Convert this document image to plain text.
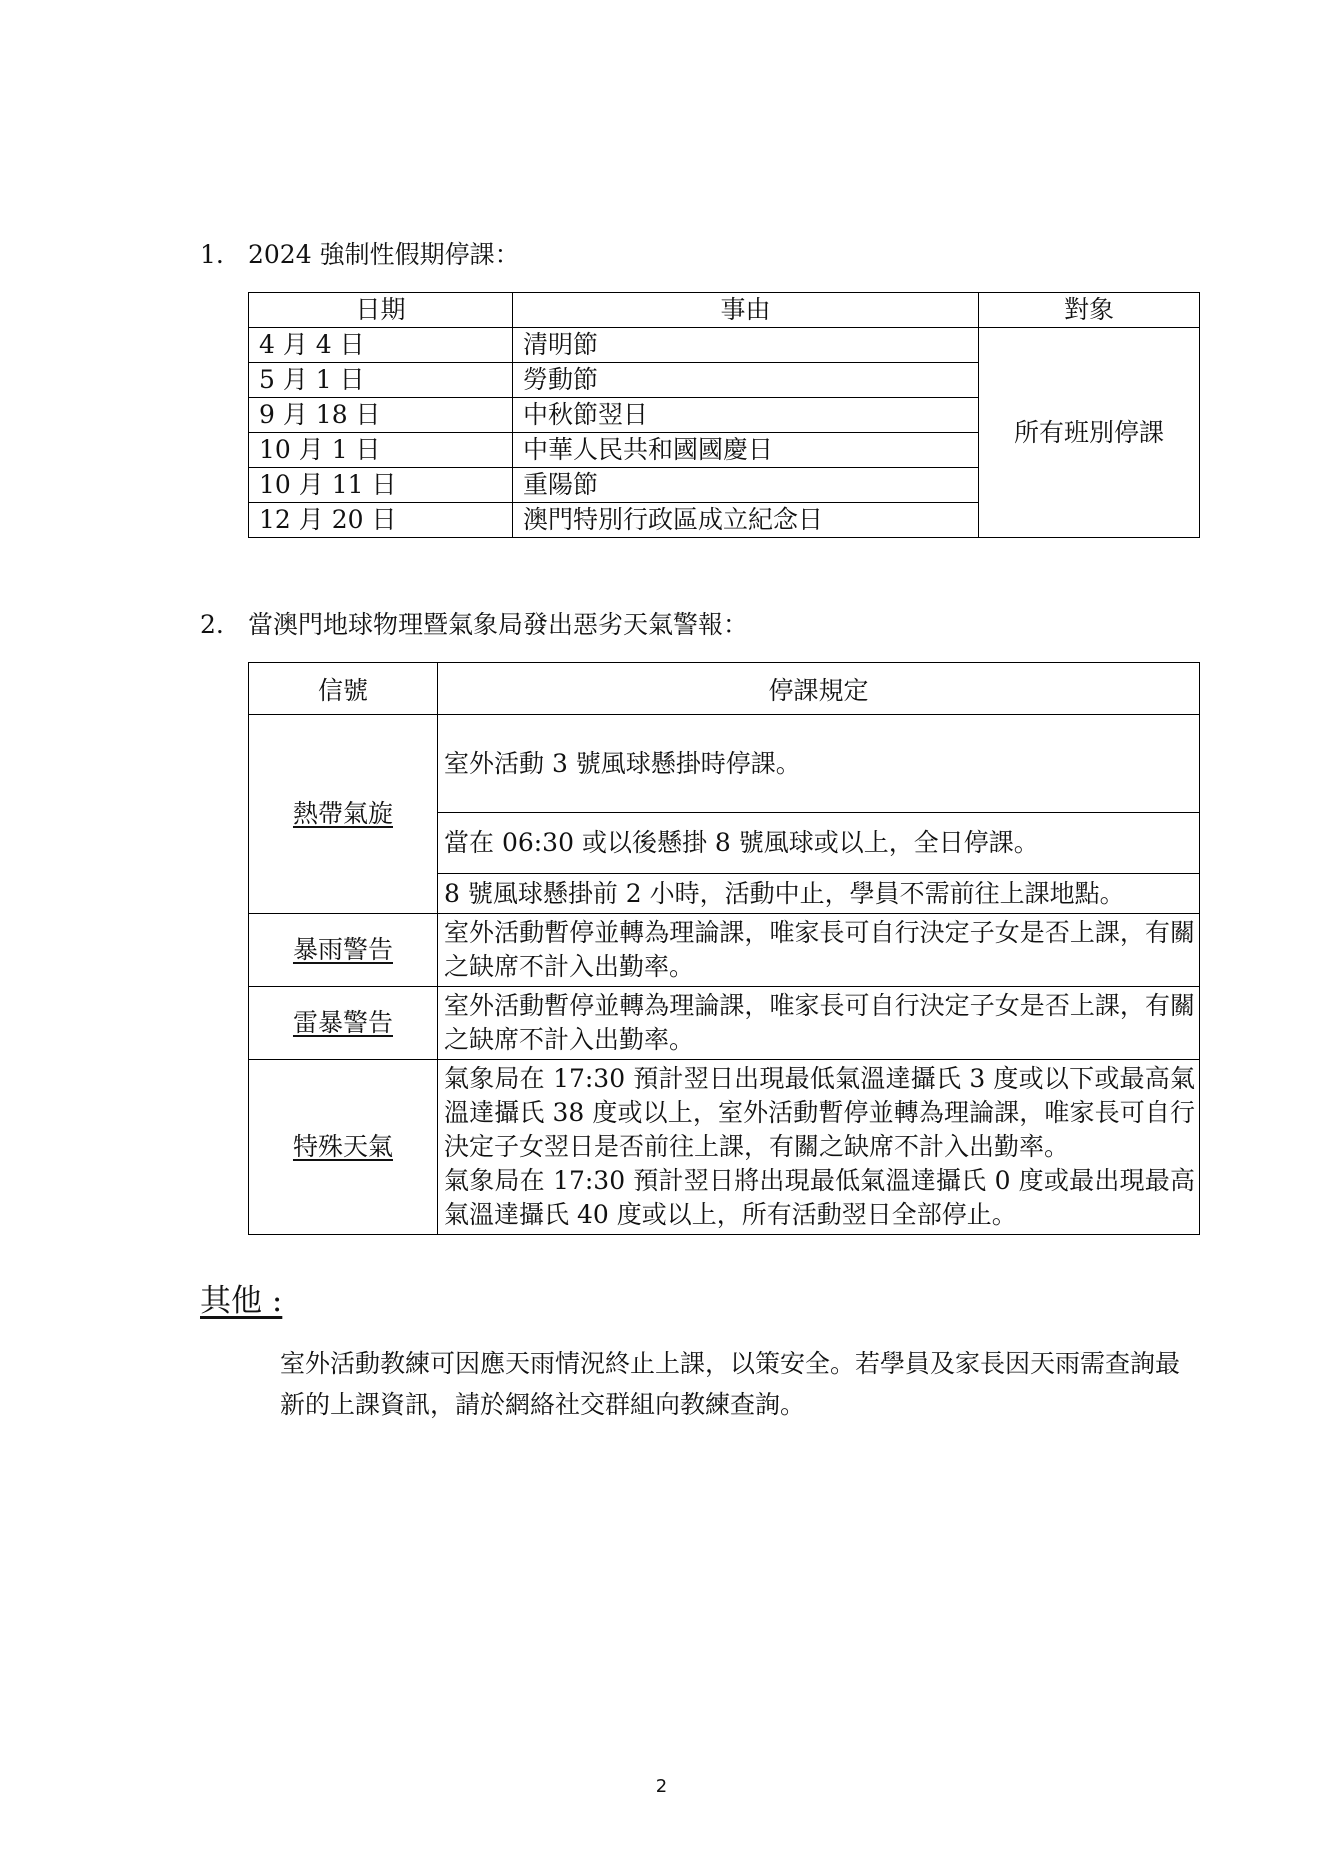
1. 2024 強制性假期停課：
日期	事由	對象
4 月 4 日	清明節	所有班別停課
5 月 1 日	勞動節	
9 月 18 日	中秋節翌日	
10 月 1 日	中華人民共和國國慶日	
10 月 11 日	重陽節	
12 月 20 日	澳門特別行政區成立紀念日	
2. 當澳門地球物理暨氣象局發出惡劣天氣警報：
信號	停課規定
熱帶氣旋	室外活動 3 號風球懸掛時停課。
	當在 06:30 或以後懸掛 8 號風球或以上，全日停課。
	8 號風球懸掛前 2 小時，活動中止，學員不需前往上課地點。
暴雨警告	室外活動暫停並轉為理論課，唯家長可自行決定子女是否上課，有關之缺席不計入出勤率。
雷暴警告	室外活動暫停並轉為理論課，唯家長可自行決定子女是否上課，有關之缺席不計入出勤率。
特殊天氣	氣象局在 17:30 預計翌日出現最低氣溫達攝氏 3 度或以下或最高氣溫達攝氏 38 度或以上，室外活動暫停並轉為理論課，唯家長可自行決定子女翌日是否前往上課，有關之缺席不計入出勤率。
氣象局在 17:30 預計翌日將出現最低氣溫達攝氏 0 度或最出現最高氣溫達攝氏 40 度或以上，所有活動翌日全部停止。
其他 :
室外活動教練可因應天雨情況終止上課，以策安全。若學員及家長因天雨需查詢最新的上課資訊，請於網絡社交群組向教練查詢。
2
